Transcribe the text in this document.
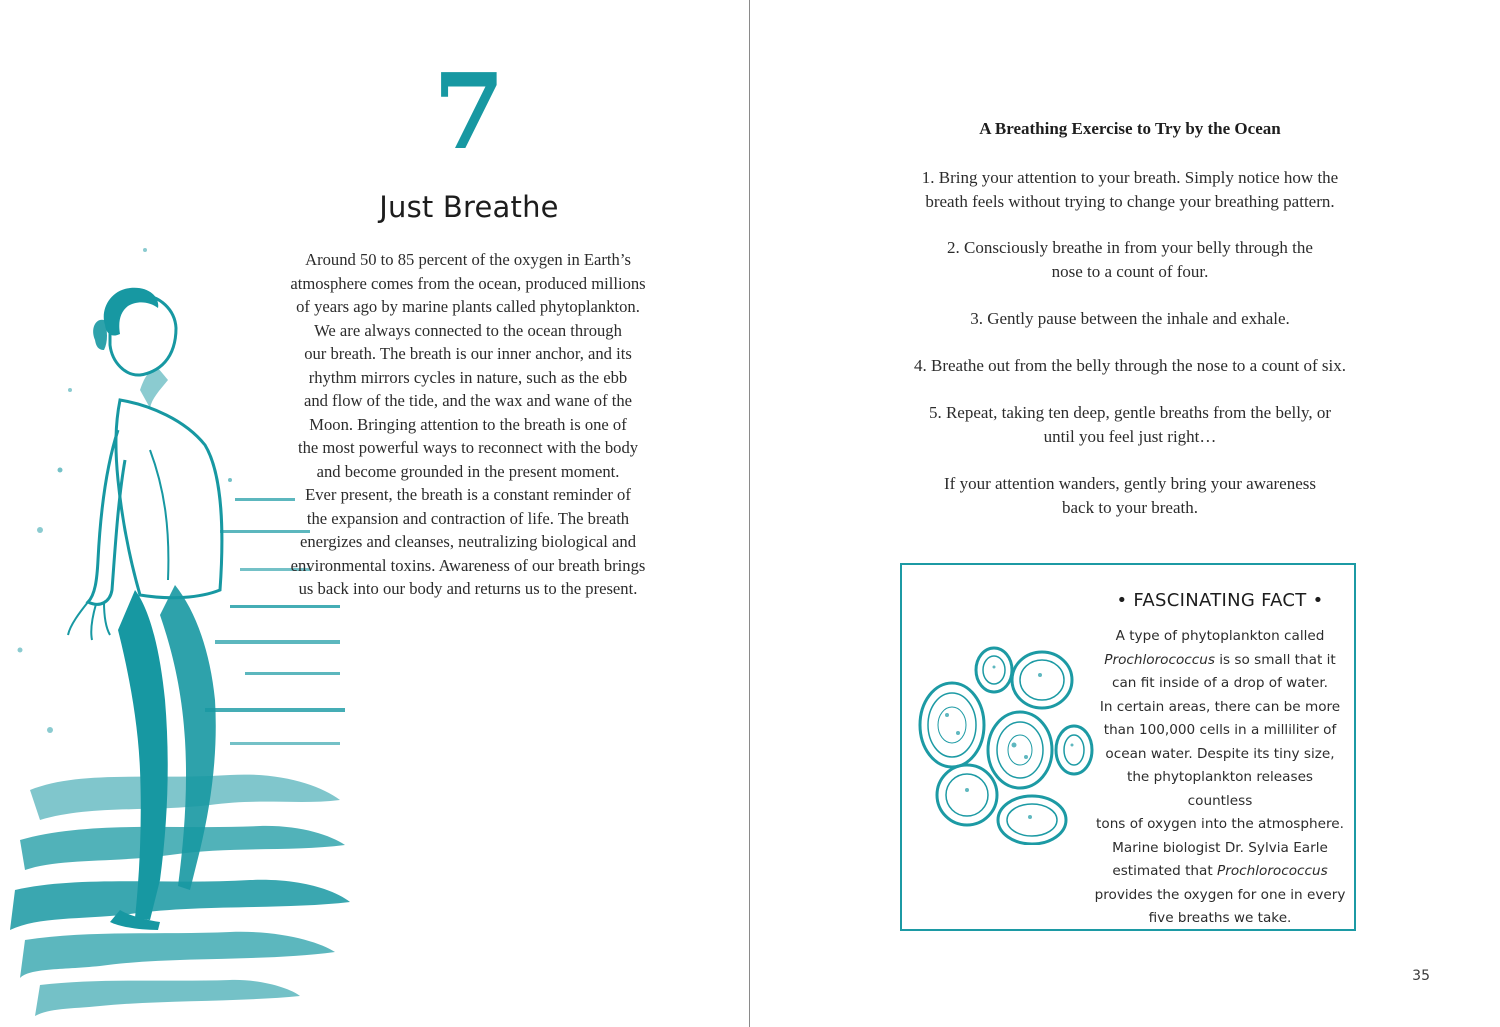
7
Just Breathe

Around 50 to 85 percent of the oxygen in Earth’s

atmosphere comes from the ocean, produced millions

of years ago by marine plants called phytoplankton.

We are always connected to the ocean through

our breath. The breath is our inner anchor, and its

rhythm mirrors cycles in nature, such as the ebb

and flow of the tide, and the wax and wane of the

Moon. Bringing attention to the breath is one of

the most powerful ways to reconnect with the body

and become grounded in the present moment.

Ever present, the breath is a constant reminder of

the expansion and contraction of life. The breath

energizes and cleanses, neutralizing biological and

environmental toxins. Awareness of our breath brings

us back into our body and returns us to the present.

A Breathing Exercise to Try by the Ocean

1. Bring your attention to your breath. Simply notice how the
breath feels without trying to change your breathing pattern.

2. Consciously breathe in from your belly through the
nose to a count of four.

3. Gently pause between the inhale and exhale.

4. Breathe out from the belly through the nose to a count of six.

5. Repeat, taking ten deep, gentle breaths from the belly, or
until you feel just right…

If your attention wanders, gently bring your awareness
back to your breath.

• FASCINATING FACT •

A type of phytoplankton called

Prochlorococcus is so small that it

can fit inside of a drop of water.

In certain areas, there can be more

than 100,000 cells in a milliliter of

ocean water. Despite its tiny size,

the phytoplankton releases countless

tons of oxygen into the atmosphere.

Marine biologist Dr. Sylvia Earle

estimated that Prochlorococcus

provides the oxygen for one in every

five breaths we take.

35
